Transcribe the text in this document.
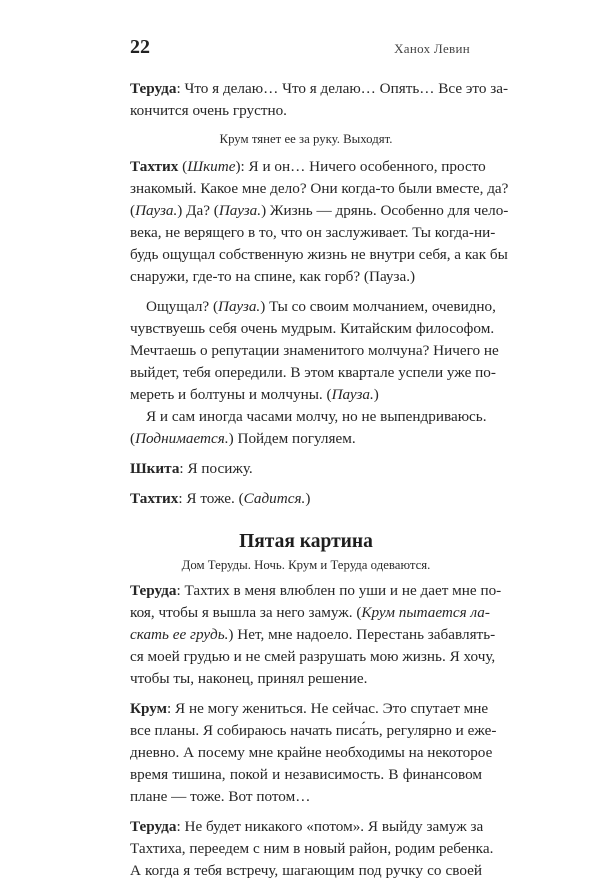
22	Ханох Левин
Теруда: Что я делаю… Что я делаю… Опять… Все это за-
кончится очень грустно.
Крум тянет ее за руку. Выходят.
Тахтих (Шките): Я и он… Ничего особенного, просто
знакомый. Какое мне дело? Они когда-то были вместе, да?
(Пауза.) Да? (Пауза.) Жизнь — дрянь. Особенно для чело-
века, не верящего в то, что он заслуживает. Ты когда-ни-
будь ощущал собственную жизнь не внутри себя, а как бы
снаружи, где-то на спине, как горб? (Пауза.)
Ощущал? (Пауза.) Ты со своим молчанием, очевидно,
чувствуешь себя очень мудрым. Китайским философом.
Мечтаешь о репутации знаменитого молчуна? Ничего не
выйдет, тебя опередили. В этом квартале успели уже по-
мереть и болтуны и молчуны. (Пауза.)
Я и сам иногда часами молчу, но не выпендриваюсь.
(Поднимается.) Пойдем погуляем.
Шкита: Я посижу.
Тахтих: Я тоже. (Садится.)
Пятая картина
Дом Теруды. Ночь. Крум и Теруда одеваются.
Теруда: Тахтих в меня влюблен по уши и не дает мне по-
коя, чтобы я вышла за него замуж. (Крум пытается ла-
скать ее грудь.) Нет, мне надоело. Перестань забавлять-
ся моей грудью и не смей разрушать мою жизнь. Я хочу,
чтобы ты, наконец, принял решение.
Крум: Я не могу жениться. Не сейчас. Это спутает мне
все планы. Я собираюсь начать писа́ть, регулярно и еже-
дневно. А посему мне крайне необходимы на некоторое
время тишина, покой и независимость. В финансовом
плане — тоже. Вот потом…
Теруда: Не будет никакого «потом». Я выйду замуж за
Тахтиха, переедем с ним в новый район, родим ребенка.
А когда я тебя встречу, шагающим под ручку со своей
